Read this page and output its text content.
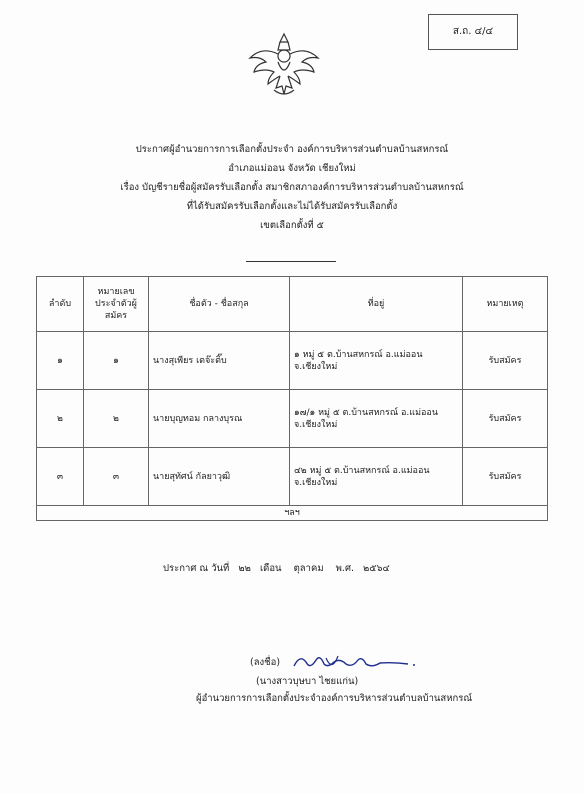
ส.ถ. ๔/๔
ประกาศผู้อำนวยการการเลือกตั้งประจำ องค์การบริหารส่วนตำบลบ้านสหกรณ์
อำเภอแม่ออน จังหวัด เชียงใหม่
เรื่อง บัญชีรายชื่อผู้สมัครรับเลือกตั้ง สมาชิกสภาองค์การบริหารส่วนตำบลบ้านสหกรณ์
ที่ได้รับสมัครรับเลือกตั้งและไม่ได้รับสมัครรับเลือกตั้ง
เขตเลือกตั้งที่ ๕
ลำดับ	หมายเลขประจำตัวผู้สมัคร	ชื่อตัว - ชื่อสกุล	ที่อยู่	หมายเหตุ
๑	๑	นางสุเพียร เตจ๊ะติ๊บ	๑ หมู่ ๕ ต.บ้านสหกรณ์ อ.แม่ออน จ.เชียงใหม่	รับสมัคร
๒	๒	นายบุญทอม กลางบุรณ	๑๗/๑ หมู่ ๕ ต.บ้านสหกรณ์ อ.แม่ออน จ.เชียงใหม่	รับสมัคร
๓	๓	นายสุทัศน์ กัลยาวุฒิ	๔๒ หมู่ ๕ ต.บ้านสหกรณ์ อ.แม่ออน จ.เชียงใหม่	รับสมัคร
ฯลฯ				
ประกาศ ณ วันที่   ๒๒   เดือน    ตุลาคม    พ.ศ.   ๒๕๖๔
(ลงชื่อ)
(นางสาวบุษบา ไชยแก่น)
ผู้อำนวยการการเลือกตั้งประจำองค์การบริหารส่วนตำบลบ้านสหกรณ์
